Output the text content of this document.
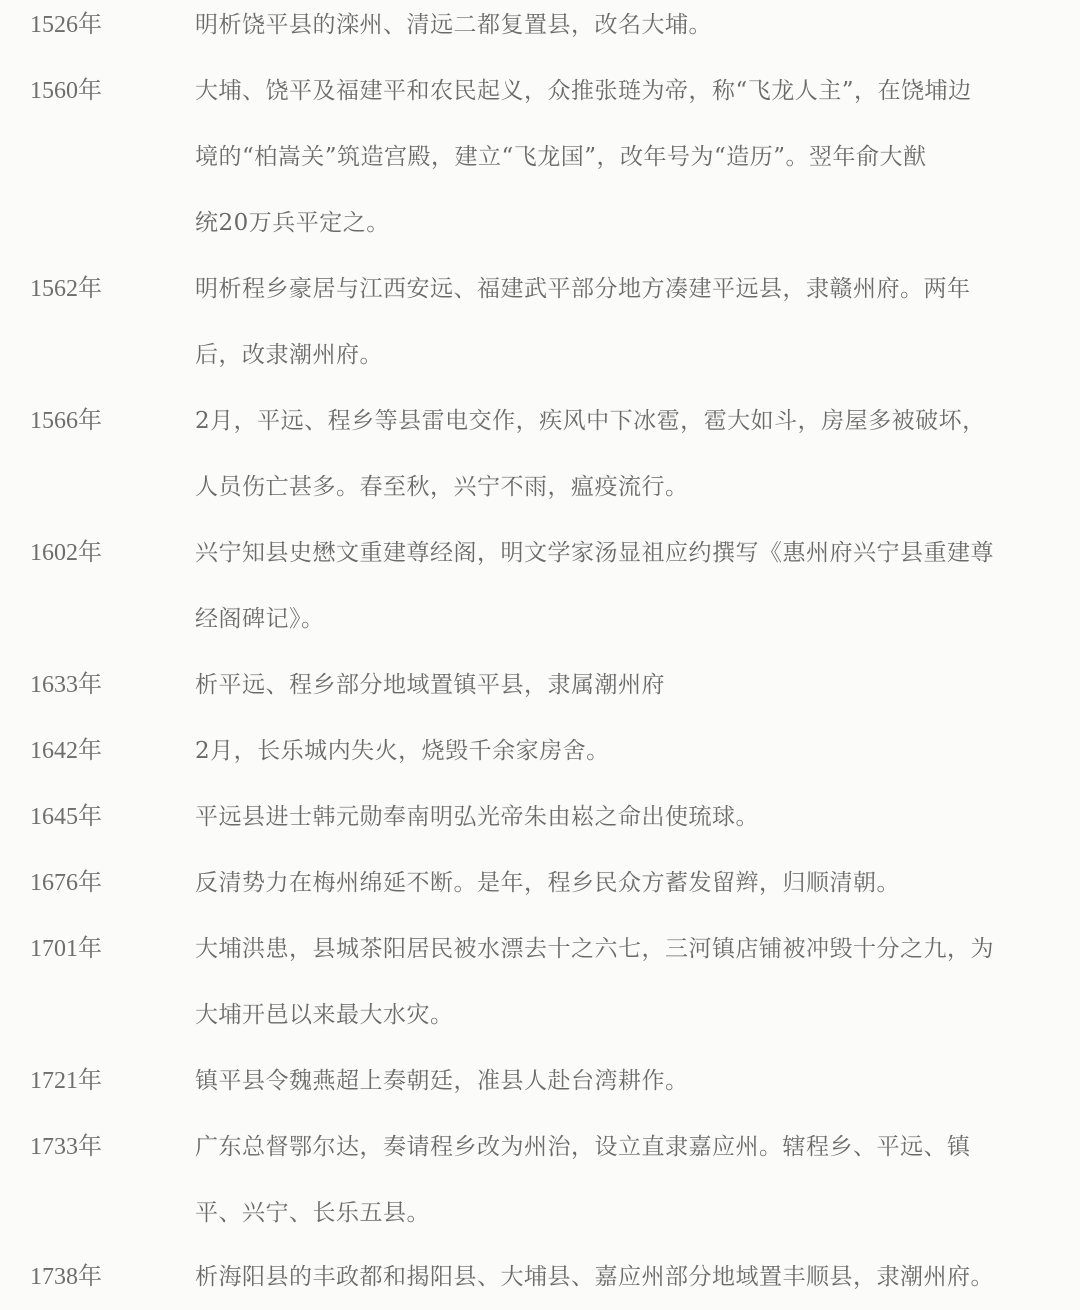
1526年	明析饶平县的滦州、清远二都复置县，改名大埔。
1560年	大埔、饶平及福建平和农民起义，众推张琏为帝，称“飞龙人主”，在饶埔边
境的“柏嵩关”筑造宫殿，建立“飞龙国”，改年号为“造历”。翌年俞大猷
统20万兵平定之。
1562年	明析程乡豪居与江西安远、福建武平部分地方凑建平远县，隶赣州府。两年
后，改隶潮州府。
1566年	2月，平远、程乡等县雷电交作，疾风中下冰雹，雹大如斗，房屋多被破坏，
人员伤亡甚多。春至秋，兴宁不雨，瘟疫流行。
1602年	兴宁知县史懋文重建尊经阁，明文学家汤显祖应约撰写《惠州府兴宁县重建尊
经阁碑记》。
1633年	析平远、程乡部分地域置镇平县，隶属潮州府
1642年	2月，长乐城内失火，烧毁千余家房舍。
1645年	平远县进士韩元勋奉南明弘光帝朱由崧之命出使琉球。
1676年	反清势力在梅州绵延不断。是年，程乡民众方蓄发留辫，归顺清朝。
1701年	大埔洪患，县城茶阳居民被水漂去十之六七，三河镇店铺被冲毁十分之九，为
大埔开邑以来最大水灾。
1721年	镇平县令魏燕超上奏朝廷，准县人赴台湾耕作。
1733年	广东总督鄂尔达，奏请程乡改为州治，设立直隶嘉应州。辖程乡、平远、镇
平、兴宁、长乐五县。
1738年	析海阳县的丰政都和揭阳县、大埔县、嘉应州部分地域置丰顺县，隶潮州府。
